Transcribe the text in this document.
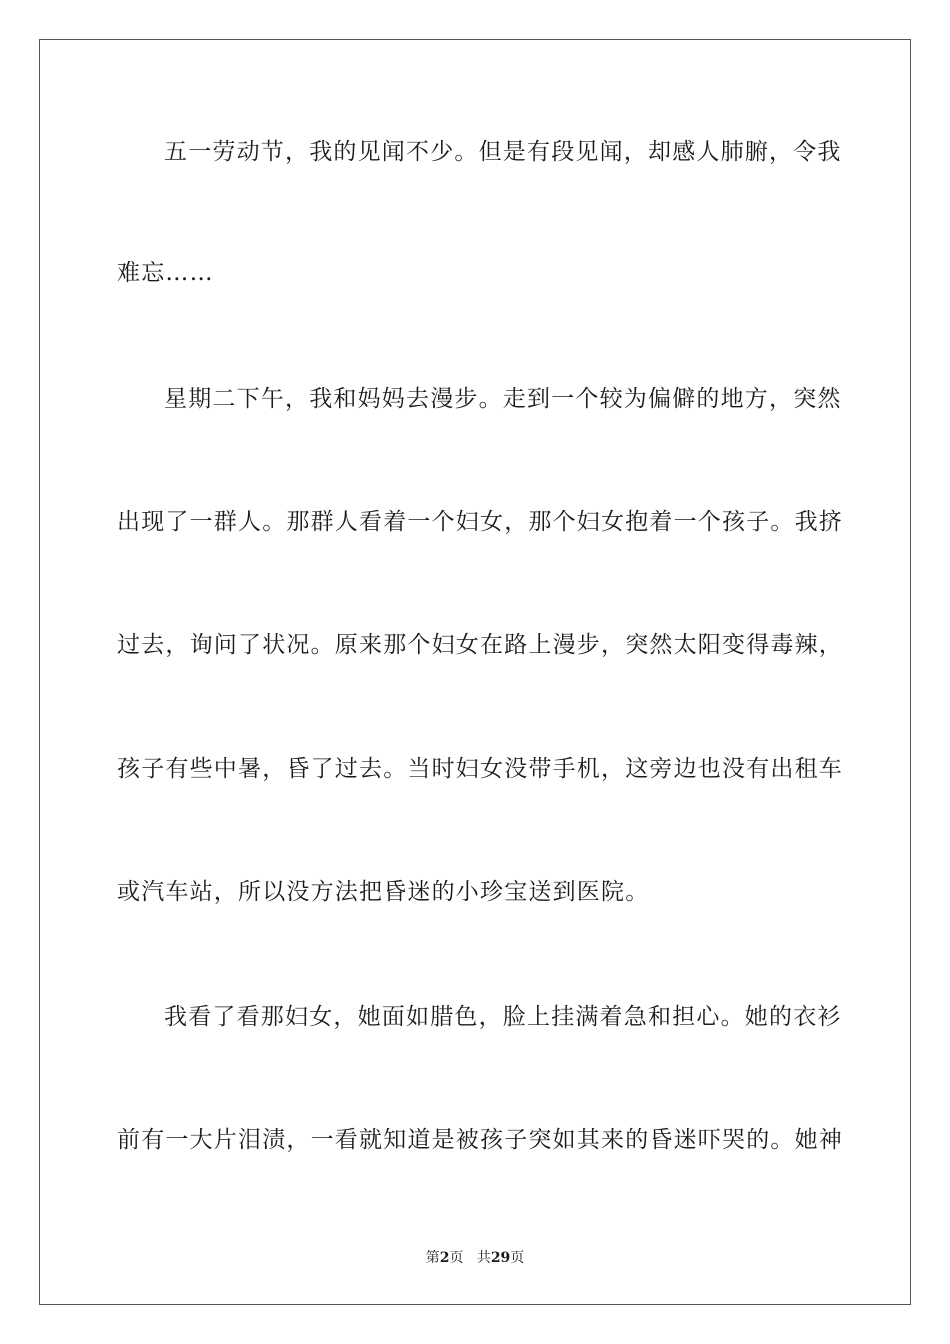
五一劳动节，我的见闻不少。但是有段见闻，却感人肺腑，令我
难忘……
星期二下午，我和妈妈去漫步。走到一个较为偏僻的地方，突然
出现了一群人。那群人看着一个妇女，那个妇女抱着一个孩子。我挤
过去，询问了状况。原来那个妇女在路上漫步，突然太阳变得毒辣，
孩子有些中暑，昏了过去。当时妇女没带手机，这旁边也没有出租车
或汽车站，所以没方法把昏迷的小珍宝送到医院。
我看了看那妇女，她面如腊色，脸上挂满着急和担心。她的衣衫
前有一大片泪渍，一看就知道是被孩子突如其来的昏迷吓哭的。她神
第2页 共29页
